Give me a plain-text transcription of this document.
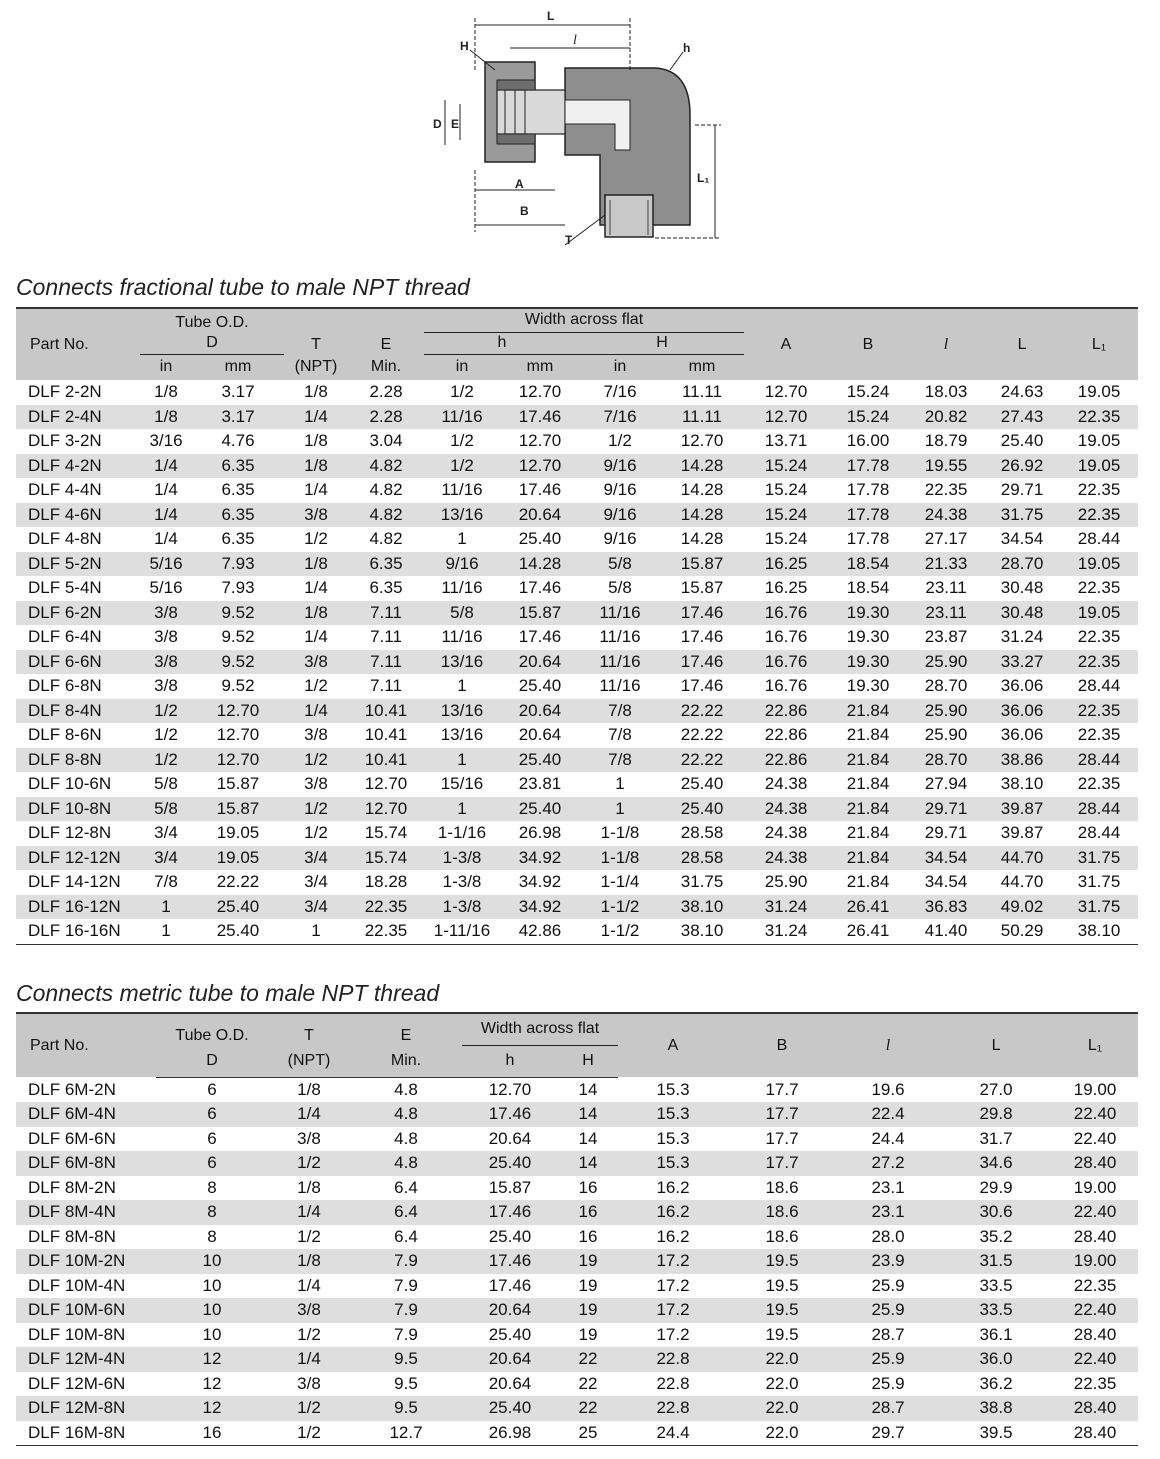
L
l
H	h
D E
A
B
T
L₁
Connects fractional tube to male NPT thread
Part No.	Tube O.D.		T	E	Width across flat				A	B	l	L	L₁
	D				h		H						
	in	mm	(NPT)	Min.	in	mm	in	mm					

DLF 2-2N	1/8	3.17	1/8	2.28	1/2	12.70	7/16	11.11	12.70	15.24	18.03	24.63	19.05
DLF 2-4N	1/8	3.17	1/4	2.28	11/16	17.46	7/16	11.11	12.70	15.24	20.82	27.43	22.35
DLF 3-2N	3/16	4.76	1/8	3.04	1/2	12.70	1/2	12.70	13.71	16.00	18.79	25.40	19.05
DLF 4-2N	1/4	6.35	1/8	4.82	1/2	12.70	9/16	14.28	15.24	17.78	19.55	26.92	19.05
DLF 4-4N	1/4	6.35	1/4	4.82	11/16	17.46	9/16	14.28	15.24	17.78	22.35	29.71	22.35
DLF 4-6N	1/4	6.35	3/8	4.82	13/16	20.64	9/16	14.28	15.24	17.78	24.38	31.75	22.35
DLF 4-8N	1/4	6.35	1/2	4.82	1	25.40	9/16	14.28	15.24	17.78	27.17	34.54	28.44
DLF 5-2N	5/16	7.93	1/8	6.35	9/16	14.28	5/8	15.87	16.25	18.54	21.33	28.70	19.05
DLF 5-4N	5/16	7.93	1/4	6.35	11/16	17.46	5/8	15.87	16.25	18.54	23.11	30.48	22.35
DLF 6-2N	3/8	9.52	1/8	7.11	5/8	15.87	11/16	17.46	16.76	19.30	23.11	30.48	19.05
DLF 6-4N	3/8	9.52	1/4	7.11	11/16	17.46	11/16	17.46	16.76	19.30	23.87	31.24	22.35
DLF 6-6N	3/8	9.52	3/8	7.11	13/16	20.64	11/16	17.46	16.76	19.30	25.90	33.27	22.35
DLF 6-8N	3/8	9.52	1/2	7.11	1	25.40	11/16	17.46	16.76	19.30	28.70	36.06	28.44
DLF 8-4N	1/2	12.70	1/4	10.41	13/16	20.64	7/8	22.22	22.86	21.84	25.90	36.06	22.35
DLF 8-6N	1/2	12.70	3/8	10.41	13/16	20.64	7/8	22.22	22.86	21.84	25.90	36.06	22.35
DLF 8-8N	1/2	12.70	1/2	10.41	1	25.40	7/8	22.22	22.86	21.84	28.70	38.86	28.44
DLF 10-6N	5/8	15.87	3/8	12.70	15/16	23.81	1	25.40	24.38	21.84	27.94	38.10	22.35
DLF 10-8N	5/8	15.87	1/2	12.70	1	25.40	1	25.40	24.38	21.84	29.71	39.87	28.44
DLF 12-8N	3/4	19.05	1/2	15.74	1-1/16	26.98	1-1/8	28.58	24.38	21.84	29.71	39.87	28.44
DLF 12-12N	3/4	19.05	3/4	15.74	1-3/8	34.92	1-1/8	28.58	24.38	21.84	34.54	44.70	31.75
DLF 14-12N	7/8	22.22	3/4	18.28	1-3/8	34.92	1-1/4	31.75	25.90	21.84	34.54	44.70	31.75
DLF 16-12N	1	25.40	3/4	22.35	1-3/8	34.92	1-1/2	38.10	31.24	26.41	36.83	49.02	31.75
DLF 16-16N	1	25.40	1	22.35	1-11/16	42.86	1-1/2	38.10	31.24	26.41	41.40	50.29	38.10
Connects metric tube to male NPT thread
Part No.	Tube O.D.	T	E	Width across flat		A	B	l	L	L₁
	D	(NPT)	Min.	h	H					
DLF 6M-2N	6	1/8	4.8	12.70	14	15.3	17.7	19.6	27.0	19.00
DLF 6M-4N	6	1/4	4.8	17.46	14	15.3	17.7	22.4	29.8	22.40
DLF 6M-6N	6	3/8	4.8	20.64	14	15.3	17.7	24.4	31.7	22.40
DLF 6M-8N	6	1/2	4.8	25.40	14	15.3	17.7	27.2	34.6	28.40
DLF 8M-2N	8	1/8	6.4	15.87	16	16.2	18.6	23.1	29.9	19.00
DLF 8M-4N	8	1/4	6.4	17.46	16	16.2	18.6	23.1	30.6	22.40
DLF 8M-8N	8	1/2	6.4	25.40	16	16.2	18.6	28.0	35.2	28.40
DLF 10M-2N	10	1/8	7.9	17.46	19	17.2	19.5	23.9	31.5	19.00
DLF 10M-4N	10	1/4	7.9	17.46	19	17.2	19.5	25.9	33.5	22.35
DLF 10M-6N	10	3/8	7.9	20.64	19	17.2	19.5	25.9	33.5	22.40
DLF 10M-8N	10	1/2	7.9	25.40	19	17.2	19.5	28.7	36.1	28.40
DLF 12M-4N	12	1/4	9.5	20.64	22	22.8	22.0	25.9	36.0	22.40
DLF 12M-6N	12	3/8	9.5	20.64	22	22.8	22.0	25.9	36.2	22.35
DLF 12M-8N	12	1/2	9.5	25.40	22	22.8	22.0	28.7	38.8	28.40
DLF 16M-8N	16	1/2	12.7	26.98	25	24.4	22.0	29.7	39.5	28.40
